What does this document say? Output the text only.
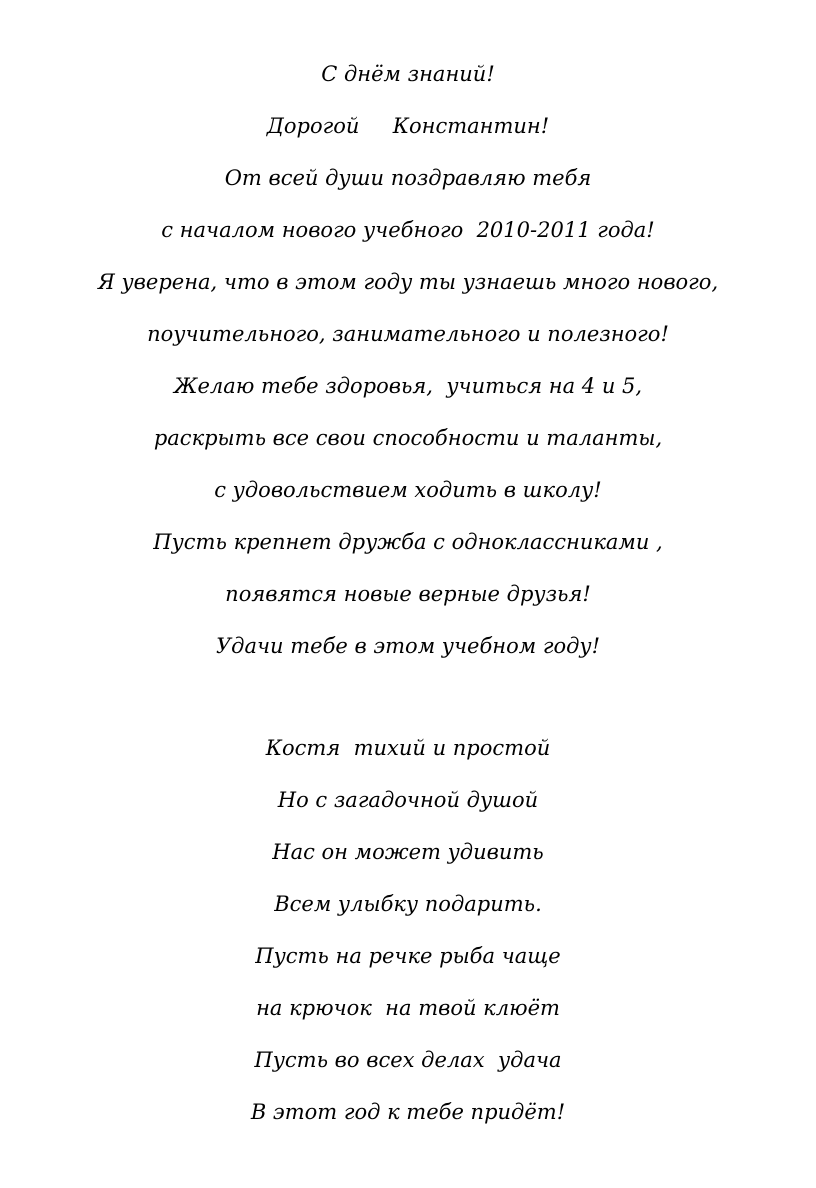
С днём знаний!
Дорогой     Константин!
От всей души поздравляю тебя
с началом нового учебного  2010-2011 года!
Я уверена, что в этом году ты узнаешь много нового,
поучительного, занимательного и полезного!
Желаю тебе здоровья,  учиться на 4 и 5,
раскрыть все свои способности и таланты,
с удовольствием ходить в школу!
Пусть крепнет дружба с одноклассниками ,
появятся новые верные друзья!
Удачи тебе в этом учебном году!
Костя  тихий и простой
Но с загадочной душой
Нас он может удивить
Всем улыбку подарить.
Пусть на речке рыба чаще
на крючок  на твой клюёт
Пусть во всех делах  удача
В этот год к тебе придёт!
